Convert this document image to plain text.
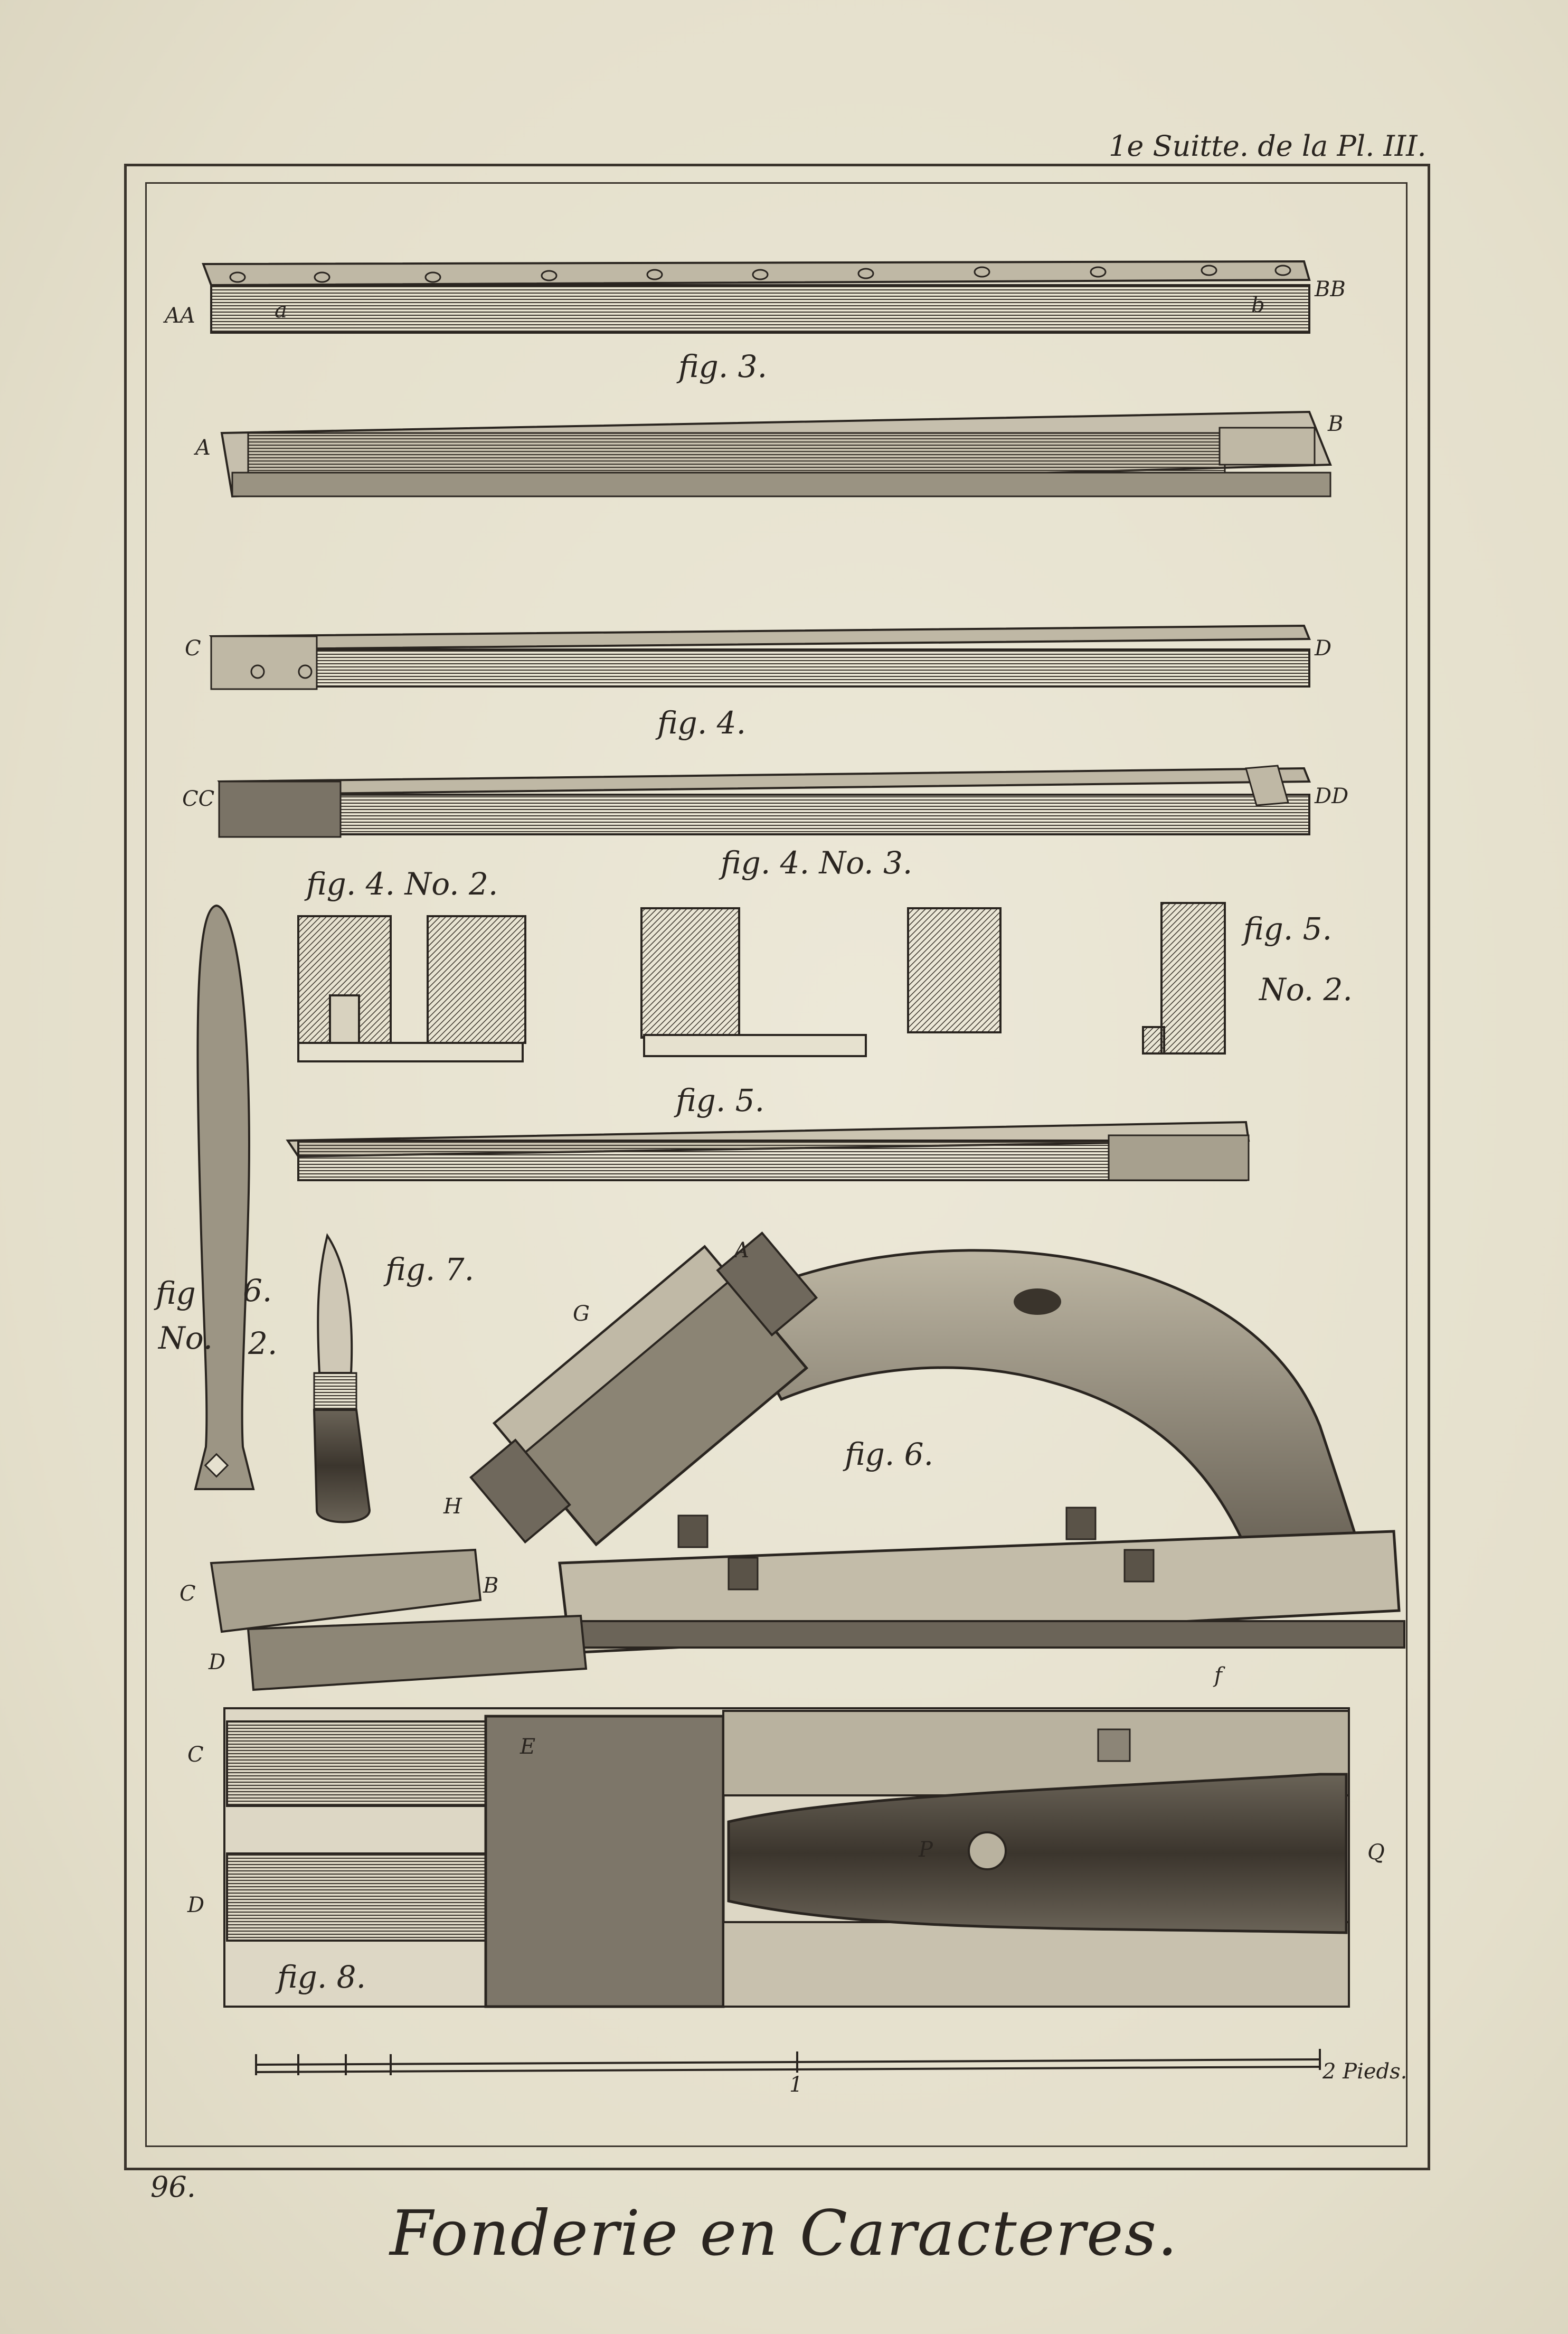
1e Suitte. de la Pl. III.
AA	a
BB
b
fig. 3.
A
B
C	D
fig. 4.
CC	DD
fig. 4. No. 2.
fig. 4. No. 3.
fig. 5.
No. 2.
fig. 5.
fig 6.
No. 2.
fig. 7.
A
G
fig. 6.
H
C	B
D
f
C	E
D
P	Q
fig. 8.
1
2 Pieds.
96.
Fonderie en Caracteres.
